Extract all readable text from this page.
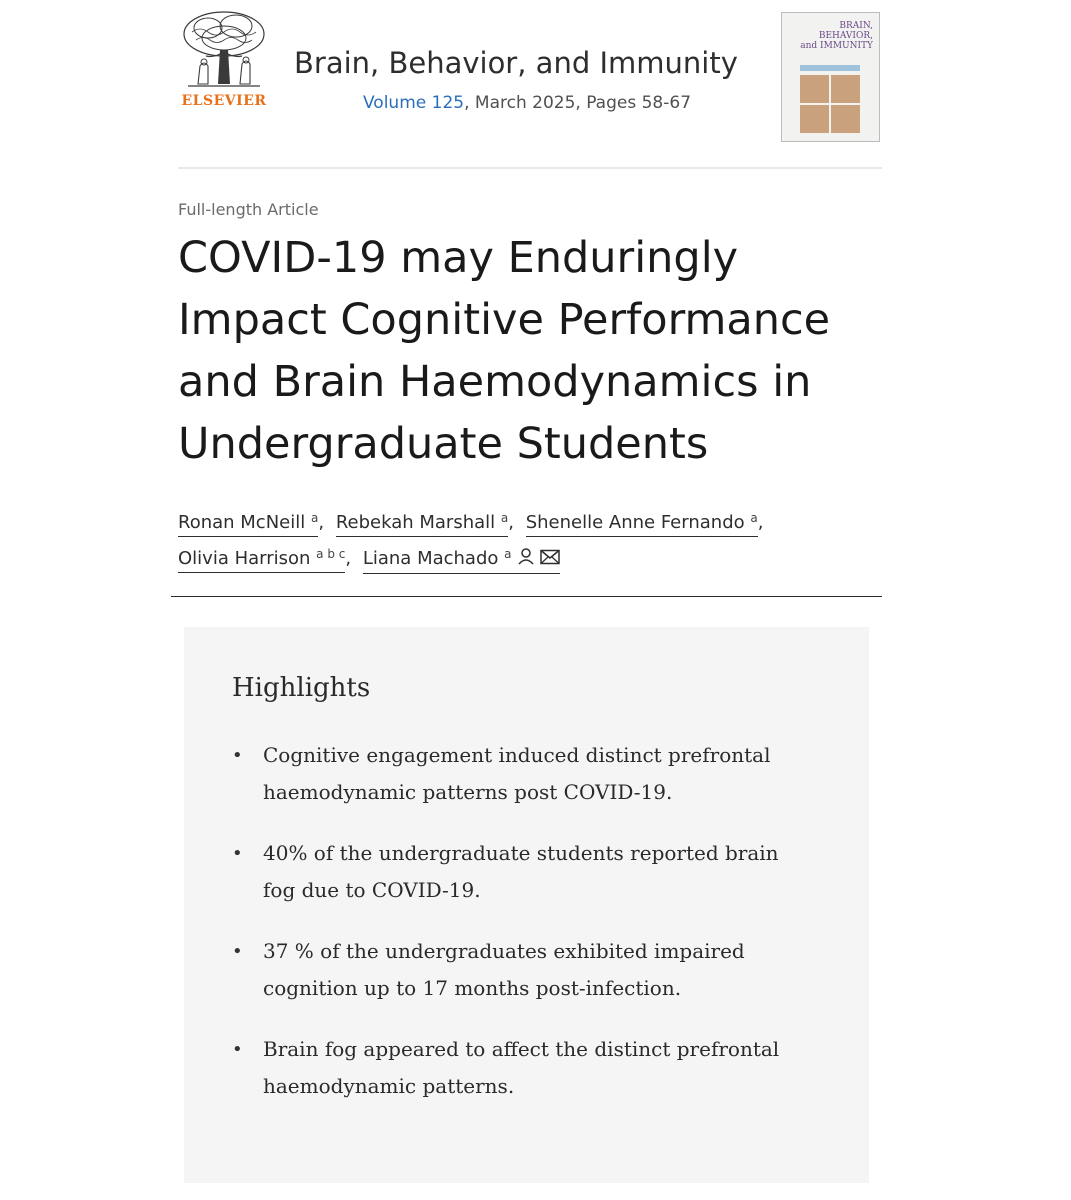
ELSEVIER
Brain, Behavior, and Immunity
Volume 125, March 2025, Pages 58-67
BRAIN,
BEHAVIOR,
and IMMUNITY
Full-length Article
COVID-19 may Enduringly Impact Cognitive Performance and Brain Haemodynamics in Undergraduate Students
Ronan McNeill $^a$, Rebekah Marshall $^a$, Shenelle Anne Fernando $^a$,
Olivia Harrison $^{a b c}$, Liana Machado $^a$
Highlights
• Cognitive engagement induced distinct prefrontal haemodynamic patterns post COVID-19.
• 40% of the undergraduate students reported brain fog due to COVID-19.
• 37 % of the undergraduates exhibited impaired cognition up to 17 months post-infection.
• Brain fog appeared to affect the distinct prefrontal haemodynamic patterns.
